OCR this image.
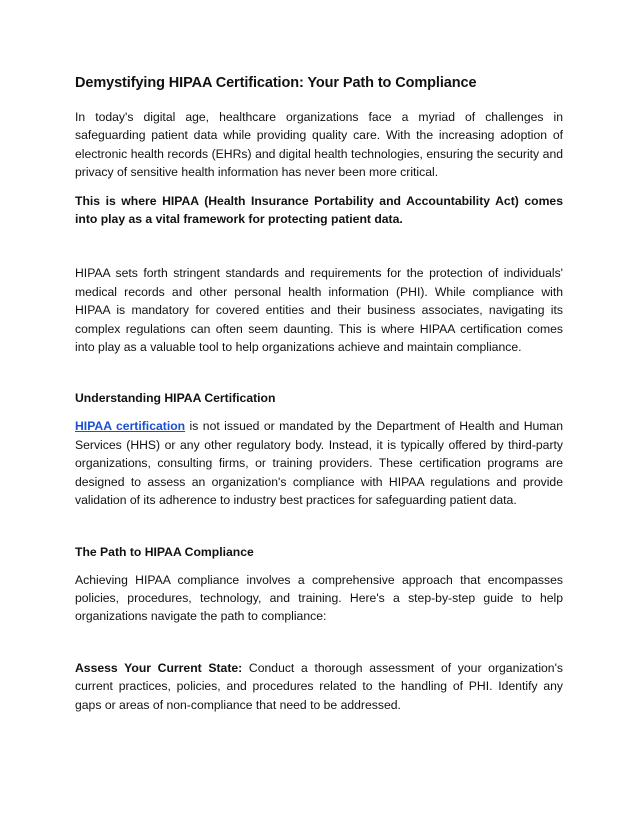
Demystifying HIPAA Certification: Your Path to Compliance

In today's digital age, healthcare organizations face a myriad of challenges in safeguarding patient data while providing quality care. With the increasing adoption of electronic health records (EHRs) and digital health technologies, ensuring the security and privacy of sensitive health information has never been more critical.

This is where HIPAA (Health Insurance Portability and Accountability Act) comes into play as a vital framework for protecting patient data.

HIPAA sets forth stringent standards and requirements for the protection of individuals' medical records and other personal health information (PHI). While compliance with HIPAA is mandatory for covered entities and their business associates, navigating its complex regulations can often seem daunting. This is where HIPAA certification comes into play as a valuable tool to help organizations achieve and maintain compliance.

Understanding HIPAA Certification

HIPAA certification is not issued or mandated by the Department of Health and Human Services (HHS) or any other regulatory body. Instead, it is typically offered by third-party organizations, consulting firms, or training providers. These certification programs are designed to assess an organization's compliance with HIPAA regulations and provide validation of its adherence to industry best practices for safeguarding patient data.

The Path to HIPAA Compliance

Achieving HIPAA compliance involves a comprehensive approach that encompasses policies, procedures, technology, and training. Here's a step-by-step guide to help organizations navigate the path to compliance:

Assess Your Current State: Conduct a thorough assessment of your organization's current practices, policies, and procedures related to the handling of PHI. Identify any gaps or areas of non-compliance that need to be addressed.
